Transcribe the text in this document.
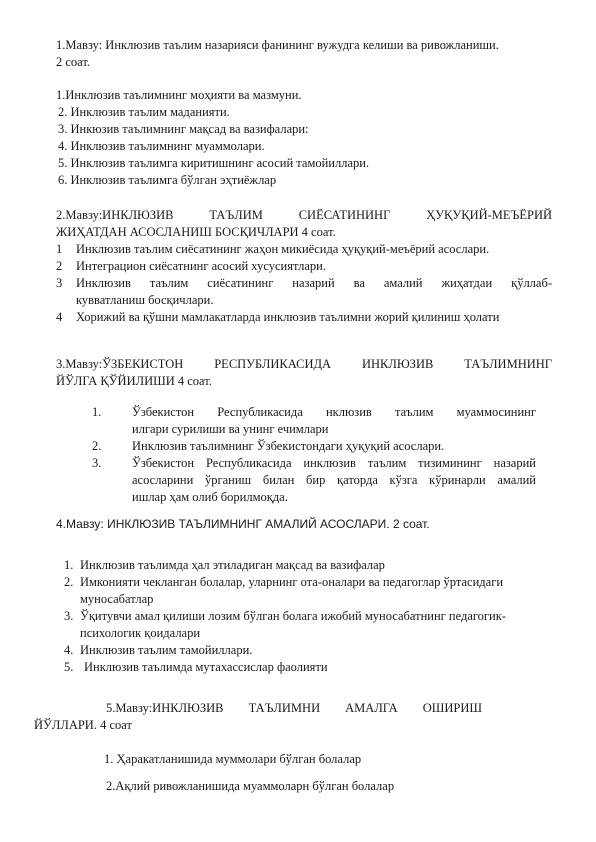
1.Мавзу: Инклюзив таълим назарияси фанининг вужудга келиши ва ривожланиши.
2 соат.
1.Инклюзив таълимнинг моҳияти ва мазмуни.
2. Инклюзив таълим маданияти.
3. Инкюзив таълимнинг мақсад ва вазифалари:
4. Инклюзив таълимнинг муаммолари.
5. Инклюзив таълимга киритишнинг асосий тамойиллари.
6. Инклюзив таълимга бўлган эҳтиёжлар
2.Мавзу:ИНКЛЮЗИВ ТАЪЛИМ СИЁСАТИНИНГ ҲУҚУҚИЙ-МЕЪЁРИЙ
ЖИҲАТДАН АСОСЛАНИШ БОСҚИЧЛАРИ 4 соат.
1 Инклюзив таълим сиёсатининг жаҳон микиёсида ҳуқуқий-меъёрий асослари.
2 Интеграцион сиёсатнинг асосий хусусиятлари.
3 Инклюзив таълим сиёсатининг назарий ва амалий жиҳатдаи қўллаб-
кувватланиш босқичлари.
4 Хорижий ва қўшни мамлакатларда инклюзив таълимни жорий қилиниш ҳолати
3.Мавзу:ЎЗБЕКИСТОН РЕСПУБЛИКАСИДА ИНКЛЮЗИВ ТАЪЛИМНИНГ
ЙЎЛГА ҚЎЙИЛИШИ 4 соат.
1. Ўзбекистон Республикасида нклюзив таълим муаммосининг
илгари сурилиши ва унинг ечимлари
2. Инклюзив таълимнинг Ўзбекистондаги ҳуқуқий асослари.
3. Ўзбекистон Республикасида инклюзив таълим тизимининг назарий
асосларини ўрганиш билан бир қаторда кўзга кўринарли амалий
ишлар ҳам олиб борилмоқда.
4.Мавзу: ИНКЛЮЗИВ ТАЪЛИМНИНГ АМАЛИЙ АСОСЛАРИ. 2 соат.
1. Инклюзив таълимда ҳал этиладиган мақсад ва вазифалар
2. Имконияти чекланган болалар, уларнинг ота-оналари ва педагоглар ўртасидаги
муносабатлар
3. Ўқитувчи амал қилиши лозим бўлган болага ижобий муносабатнинг педагогик-
психологик қоидалари
4. Инклюзив таълим тамойиллари.
5. Инклюзив таълимда мутахассислар фаолияти
5.Мавзу:ИНКЛЮЗИВ ТАЪЛИМНИ АМАЛГА ОШИРИШ
ЙЎЛЛАРИ. 4 соат
1. Ҳаракатланишида муммолари бўлган болалар
2.Ақлий ривожланишида муаммоларн бўлган болалар
